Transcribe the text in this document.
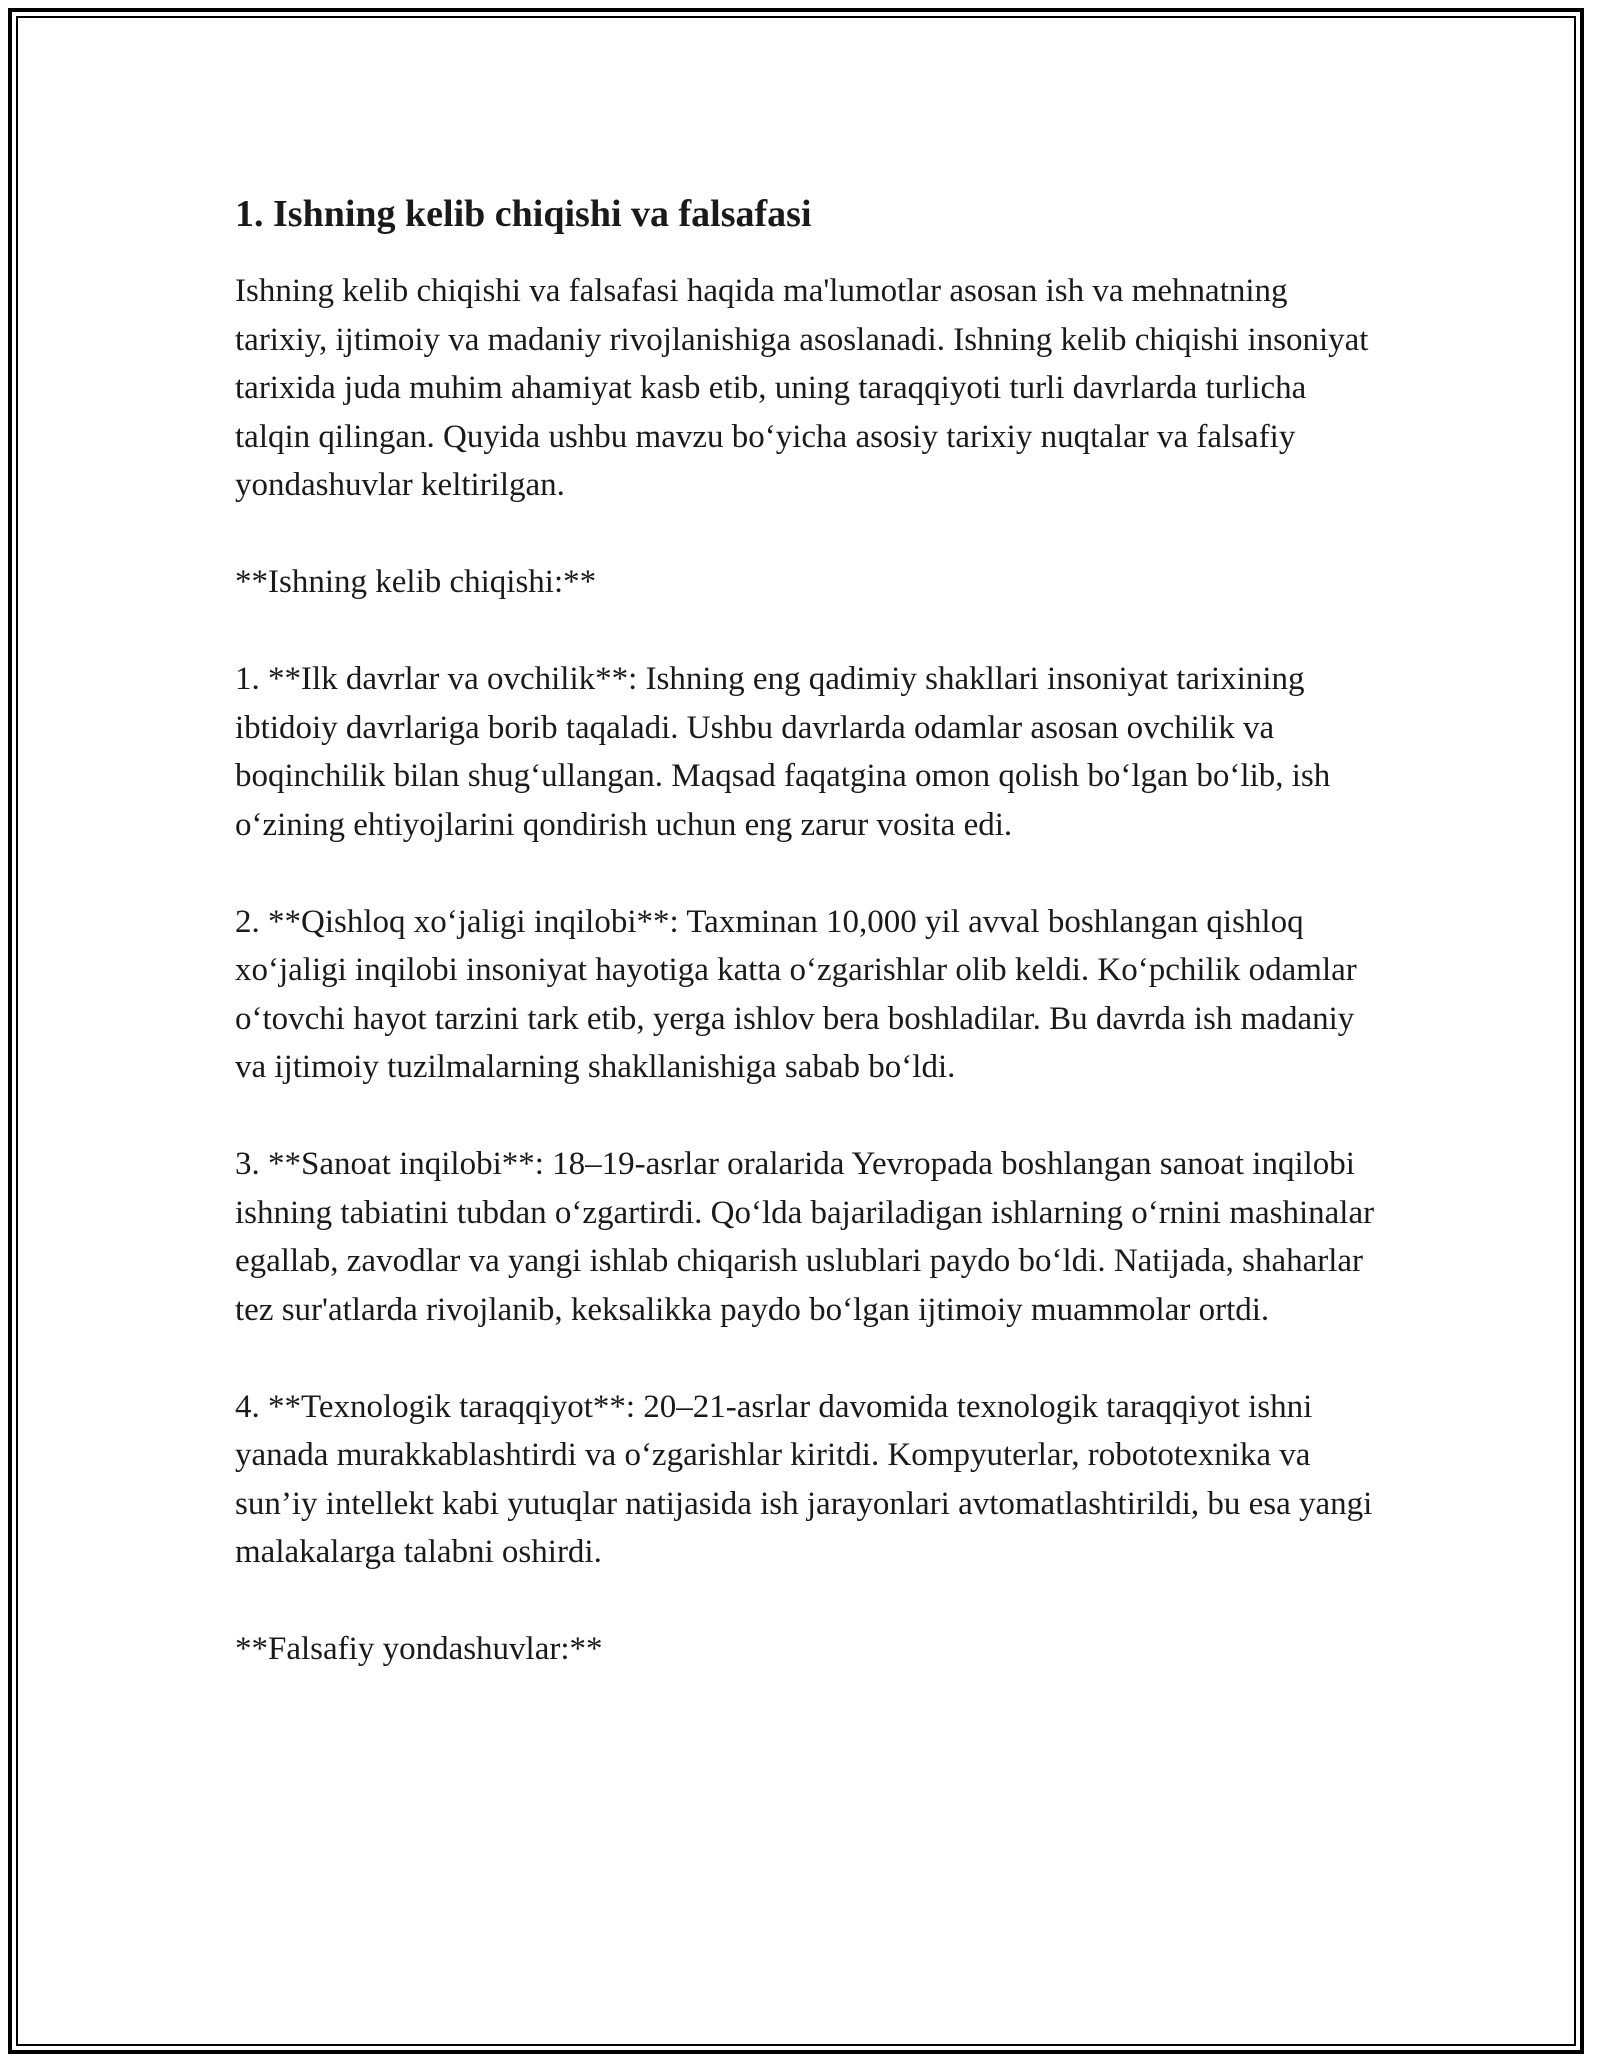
1. Ishning kelib chiqishi va falsafasi

Ishning kelib chiqishi va falsafasi haqida ma'lumotlar asosan ish va mehnatning tarixiy, ijtimoiy va madaniy rivojlanishiga asoslanadi. Ishning kelib chiqishi insoniyat tarixida juda muhim ahamiyat kasb etib, uning taraqqiyoti turli davrlarda turlicha talqin qilingan. Quyida ushbu mavzu bo‘yicha asosiy tarixiy nuqtalar va falsafiy yondashuvlar keltirilgan.

**Ishning kelib chiqishi:**

1. **Ilk davrlar va ovchilik**: Ishning eng qadimiy shakllari insoniyat tarixining ibtidoiy davrlariga borib taqaladi. Ushbu davrlarda odamlar asosan ovchilik va boqinchilik bilan shug‘ullangan. Maqsad faqatgina omon qolish bo‘lgan bo‘lib, ish o‘zining ehtiyojlarini qondirish uchun eng zarur vosita edi.

2. **Qishloq xo‘jaligi inqilobi**: Taxminan 10,000 yil avval boshlangan qishloq xo‘jaligi inqilobi insoniyat hayotiga katta o‘zgarishlar olib keldi. Ko‘pchilik odamlar o‘tovchi hayot tarzini tark etib, yerga ishlov bera boshladilar. Bu davrda ish madaniy va ijtimoiy tuzilmalarning shakllanishiga sabab bo‘ldi.

3. **Sanoat inqilobi**: 18–19-asrlar oralarida Yevropada boshlangan sanoat inqilobi ishning tabiatini tubdan o‘zgartirdi. Qo‘lda bajariladigan ishlarning o‘rnini mashinalar egallab, zavodlar va yangi ishlab chiqarish uslublari paydo bo‘ldi. Natijada, shaharlar tez sur'atlarda rivojlanib, keksalikka paydo bo‘lgan ijtimoiy muammolar ortdi.

4. **Texnologik taraqqiyot**: 20–21-asrlar davomida texnologik taraqqiyot ishni yanada murakkablashtirdi va o‘zgarishlar kiritdi. Kompyuterlar, robototexnika va sun’iy intellekt kabi yutuqlar natijasida ish jarayonlari avtomatlashtirildi, bu esa yangi malakalarga talabni oshirdi.

**Falsafiy yondashuvlar:**
